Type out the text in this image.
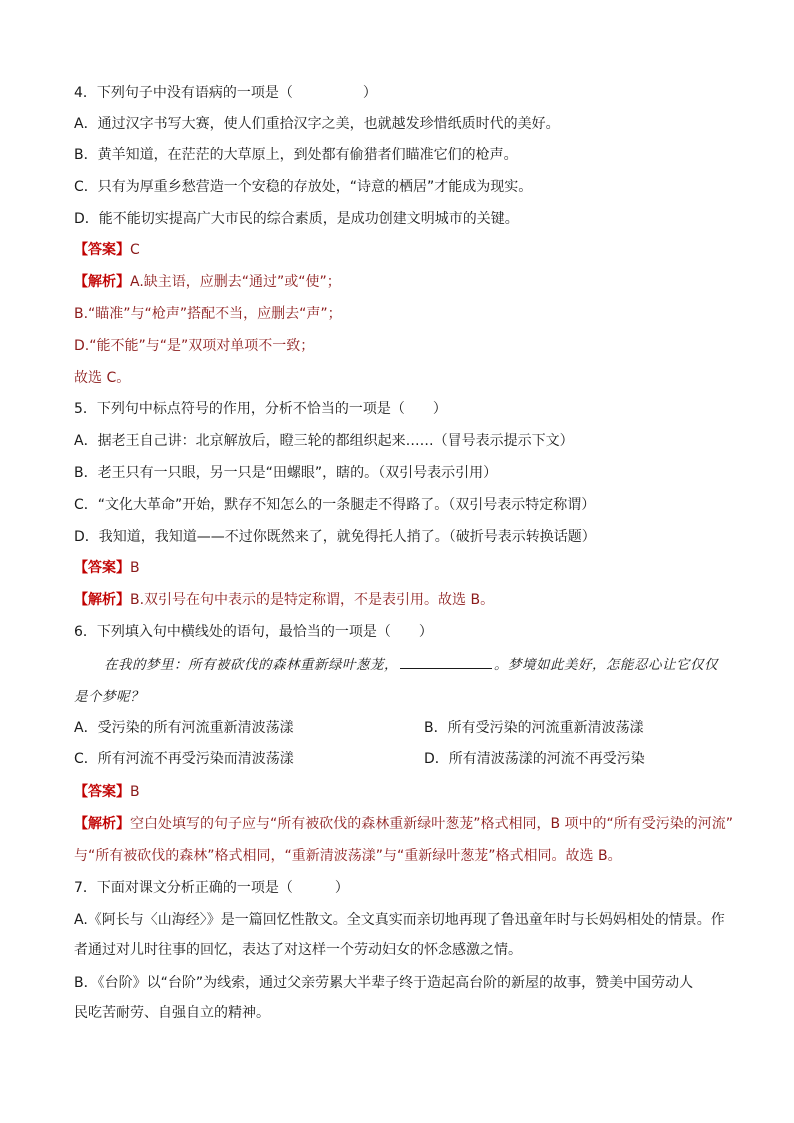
4．下列句子中没有语病的一项是（　　　　　）
A．通过汉字书写大赛，使人们重拾汉字之美，也就越发珍惜纸质时代的美好。
B．黄羊知道，在茫茫的大草原上，到处都有偷猎者们瞄准它们的枪声。
C．只有为厚重乡愁营造一个安稳的存放处，“诗意的栖居”才能成为现实。
D．能不能切实提高广大市民的综合素质，是成功创建文明城市的关键。
【答案】C
【解析】A.缺主语，应删去“通过”或“使”；
B.“瞄准”与“枪声”搭配不当，应删去“声”；
D.“能不能”与“是”双项对单项不一致；
故选 C。
5．下列句中标点符号的作用，分析不恰当的一项是（　　）
A．据老王自己讲：北京解放后，瞪三轮的都组织起来……（冒号表示提示下文）
B．老王只有一只眼，另一只是“田螺眼”，瞎的。（双引号表示引用）
C．“文化大革命”开始，默存不知怎么的一条腿走不得路了。（双引号表示特定称谓）
D．我知道，我知道——不过你既然来了，就免得托人捎了。（破折号表示转换话题）
【答案】B
【解析】B.双引号在句中表示的是特定称谓，不是表引用。故选 B。
6．下列填入句中横线处的语句，最恰当的一项是（　　）
在我的梦里：所有被砍伐的森林重新绿叶葱茏，	。梦境如此美好，怎能忍心让它仅仅
是个梦呢？
A．受污染的所有河流重新清波荡漾	B．所有受污染的河流重新清波荡漾
C．所有河流不再受污染而清波荡漾	D．所有清波荡漾的河流不再受污染
【答案】B
【解析】空白处填写的句子应与“所有被砍伐的森林重新绿叶葱茏”格式相同，B 项中的“所有受污染的河流”
与“所有被砍伐的森林”格式相同，“重新清波荡漾”与“重新绿叶葱茏”格式相同。故选 B。
7．下面对课文分析正确的一项是（　　　）
A.《阿长与〈山海经〉》是一篇回忆性散文。全文真实而亲切地再现了鲁迅童年时与长妈妈相处的情景。作
者通过对儿时往事的回忆，表达了对这样一个劳动妇女的怀念感激之情。
B．《台阶》以“台阶”为线索，通过父亲劳累大半辈子终于造起高台阶的新屋的故事，赞美中国劳动人
民吃苦耐劳、自强自立的精神。
